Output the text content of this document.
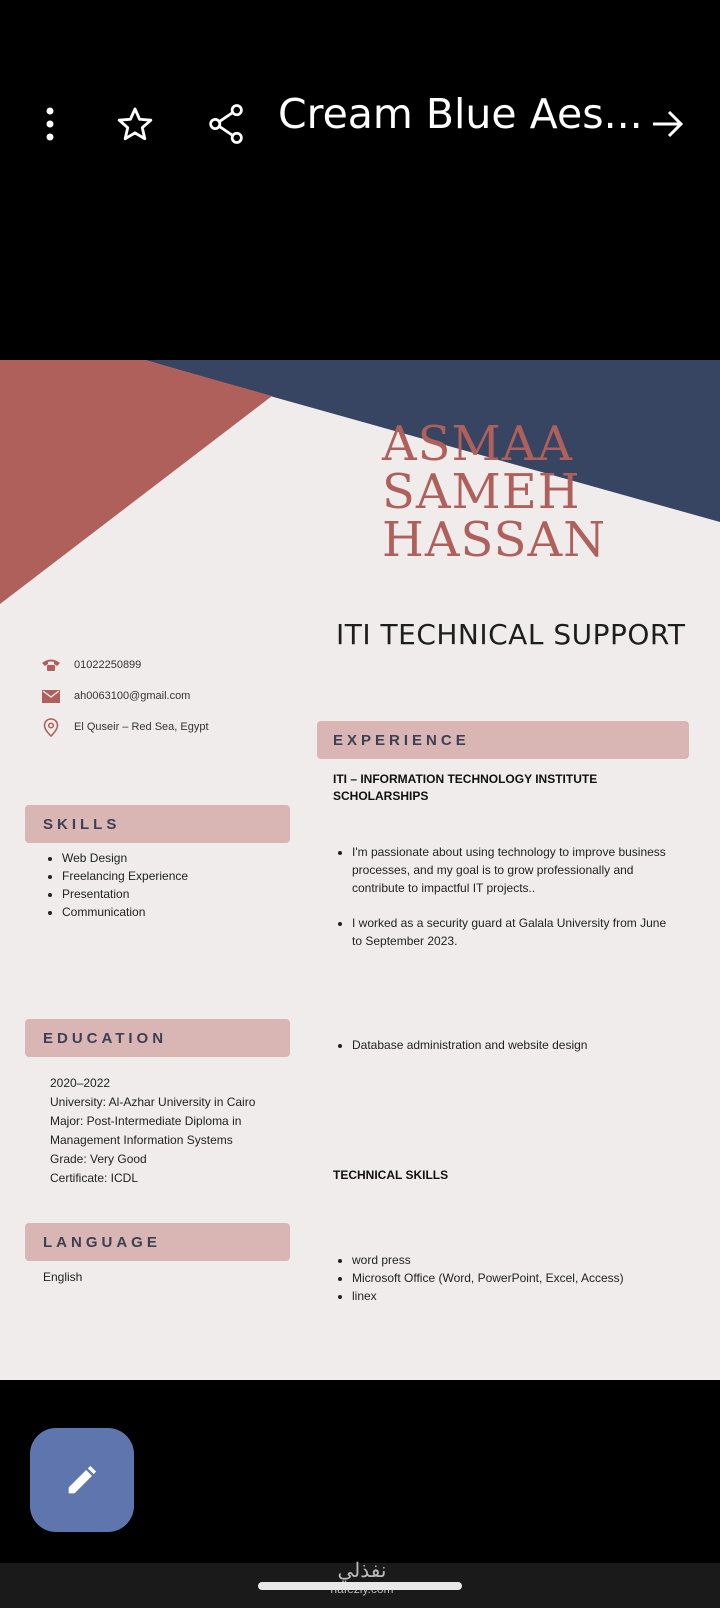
Cream Blue Aes...
ASMAA
SAMEH
HASSAN
ITI TECHNICAL SUPPORT
01022250899
ah0063100@gmail.com
El Quseir – Red Sea, Egypt
SKILLS
• Web Design
• Freelancing Experience
• Presentation
• Communication
EDUCATION
2020–2022
University: Al-Azhar University in Cairo
Major: Post-Intermediate Diploma in
Management Information Systems
Grade: Very Good
Certificate: ICDL
LANGUAGE
English
EXPERIENCE
ITI – INFORMATION TECHNOLOGY INSTITUTE SCHOLARSHIPS
• I'm passionate about using technology to improve business processes, and my goal is to grow professionally and contribute to impactful IT projects..
• I worked as a security guard at Galala University from June to September 2023.
• Database administration and website design
TECHNICAL SKILLS
• word press
• Microsoft Office (Word, PowerPoint, Excel, Access)
• linex
نفذلي
